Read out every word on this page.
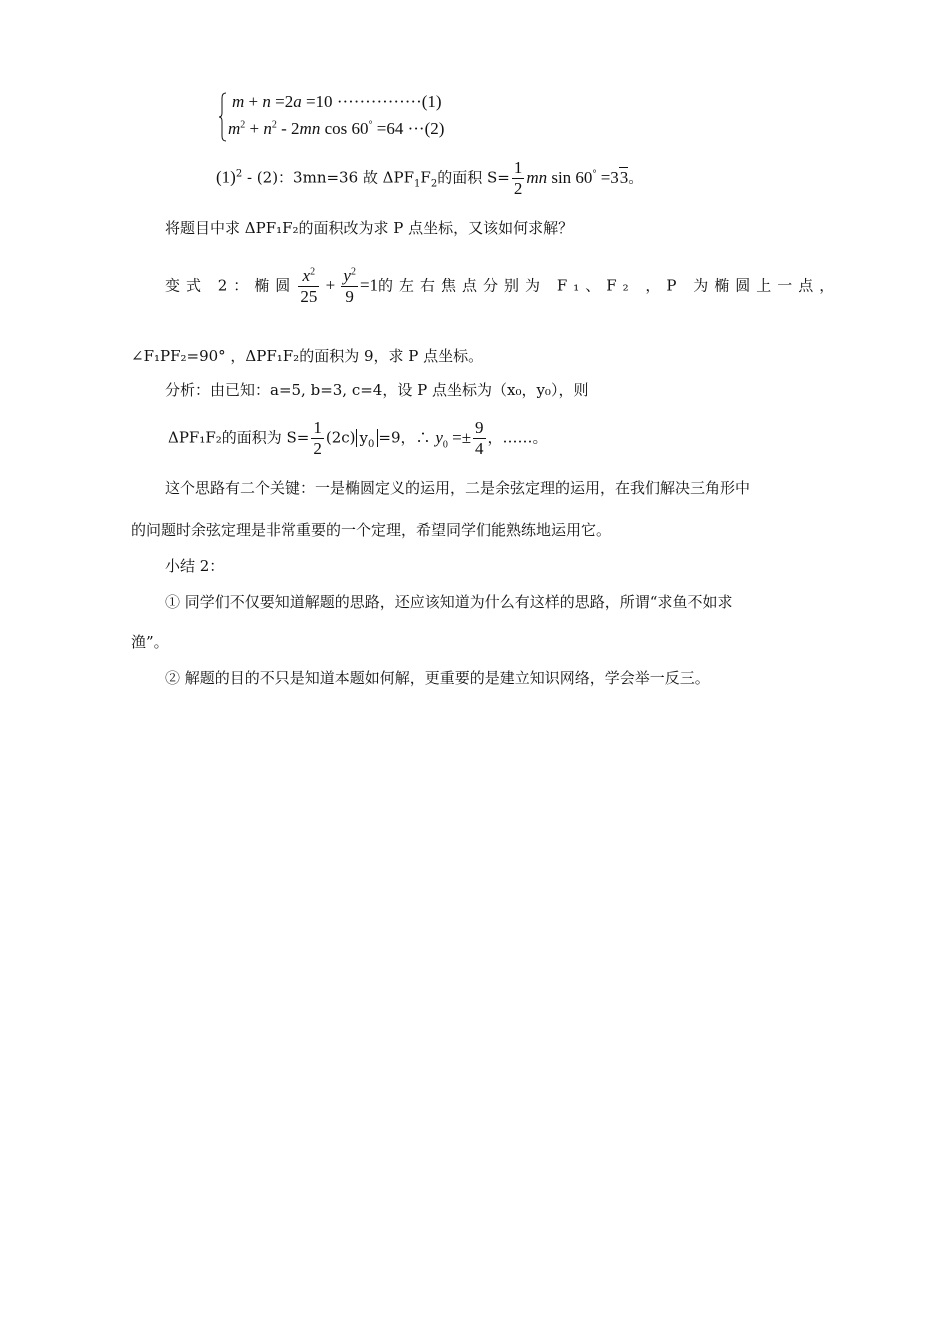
m + n =2a =10 ···············(1)
$m^2 + n^2 - 2mn$ cos 60° =64 ···(2)
$(1)^2 - (2)$：3mn=36 故 $\Delta PF_1F_2$的面积 $S= \frac{1}{2}$ mn sin 60° =33。
将题目中求 ΔPF₁F₂的面积改为求 P 点坐标，又该如何求解？
变式 2：椭圆 $\frac{x^2}{25} + \frac{y^2}{9} =1$的左右焦点分别为 F₁、F₂ ，P 为椭圆上一点，
∠F₁PF₂=90° ，ΔPF₁F₂的面积为 9，求 P 点坐标。
分析：由已知：a=5, b=3, c=4，设 P 点坐标为（x₀，y₀），则
ΔPF₁F₂的面积为 $S= \frac{1}{2} (2c)$ $y_0 =9$，∴ $y_0 =\pm \frac{9}{4}$ ，……。
这个思路有二个关键：一是椭圆定义的运用，二是余弦定理的运用，在我们解决三角形中
的问题时余弦定理是非常重要的一个定理，希望同学们能熟练地运用它。
小结 2：
① 同学们不仅要知道解题的思路，还应该知道为什么有这样的思路，所谓“求鱼不如求
渔”。
② 解题的目的不只是知道本题如何解，更重要的是建立知识网络，学会举一反三。
